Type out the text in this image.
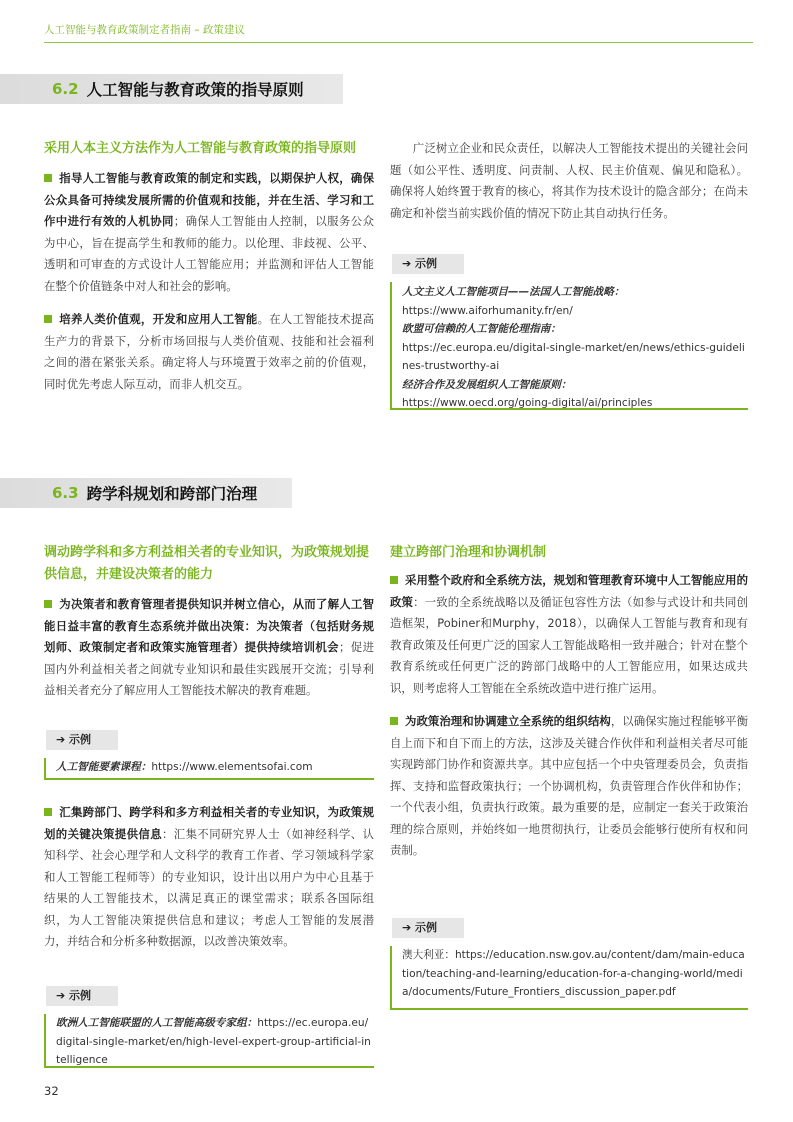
人工智能与教育政策制定者指南 – 政策建议
6.2 人工智能与教育政策的指导原则
采用人本主义方法作为人工智能与教育政策的指导原则

指导人工智能与教育政策的制定和实践，以期保护人权，确保公众具备可持续发展所需的价值观和技能，并在生活、学习和工作中进行有效的人机协同；确保人工智能由人控制，以服务公众为中心，旨在提高学生和教师的能力。以伦理、非歧视、公平、透明和可审查的方式设计人工智能应用；并监测和评估人工智能在整个价值链条中对人和社会的影响。

培养人类价值观，开发和应用人工智能。在人工智能技术提高生产力的背景下，分析市场回报与人类价值观、技能和社会福利之间的潜在紧张关系。确定将人与环境置于效率之前的价值观，同时优先考虑人际互动，而非人机交互。

广泛树立企业和民众责任，以解决人工智能技术提出的关键社会问题（如公平性、透明度、问责制、人权、民主价值观、偏见和隐私）。确保将人始终置于教育的核心，将其作为技术设计的隐含部分；在尚未确定和补偿当前实践价值的情况下防止其自动执行任务。

➔ 示例
人文主义人工智能项目——法国人工智能战略：
https://www.aiforhumanity.fr/en/
欧盟可信赖的人工智能伦理指南：
https://ec.europa.eu/digital-single-market/en/news/ethics-guidelines-trustworthy-ai
经济合作及发展组织人工智能原则：
https://www.oecd.org/going-digital/ai/principles
6.3 跨学科规划和跨部门治理
调动跨学科和多方利益相关者的专业知识，为政策规划提供信息，并建设决策者的能力

为决策者和教育管理者提供知识并树立信心，从而了解人工智能日益丰富的教育生态系统并做出决策：为决策者（包括财务规划师、政策制定者和政策实施管理者）提供持续培训机会；促进国内外利益相关者之间就专业知识和最佳实践展开交流；引导利益相关者充分了解应用人工智能技术解决的教育难题。

➔ 示例
人工智能要素课程：https://www.elementsofai.com

汇集跨部门、跨学科和多方利益相关者的专业知识，为政策规划的关键决策提供信息：汇集不同研究界人士（如神经科学、认知科学、社会心理学和人文科学的教育工作者、学习领域科学家和人工智能工程师等）的专业知识，设计出以用户为中心且基于结果的人工智能技术，以满足真正的课堂需求；联系各国际组织，为人工智能决策提供信息和建议；考虑人工智能的发展潜力，并结合和分析多种数据源，以改善决策效率。

➔ 示例
欧洲人工智能联盟的人工智能高级专家组：https://ec.europa.eu/digital-single-market/en/high-level-expert-group-artificial-intelligence
建立跨部门治理和协调机制

采用整个政府和全系统方法，规划和管理教育环境中人工智能应用的政策：一致的全系统战略以及循证包容性方法（如参与式设计和共同创造框架，Pobiner和Murphy，2018），以确保人工智能与教育和现有教育政策及任何更广泛的国家人工智能战略相一致并融合；针对在整个教育系统或任何更广泛的跨部门战略中的人工智能应用，如果达成共识，则考虑将人工智能在全系统改造中进行推广运用。

为政策治理和协调建立全系统的组织结构，以确保实施过程能够平衡自上而下和自下而上的方法，这涉及关键合作伙伴和利益相关者尽可能实现跨部门协作和资源共享。其中应包括一个中央管理委员会，负责指挥、支持和监督政策执行；一个协调机构，负责管理合作伙伴和协作；一个代表小组，负责执行政策。最为重要的是，应制定一套关于政策治理的综合原则，并始终如一地贯彻执行，让委员会能够行使所有权和问责制。

➔ 示例
澳大利亚：https://education.nsw.gov.au/content/dam/main-education/teaching-and-learning/education-for-a-changing-world/media/documents/Future_Frontiers_discussion_paper.pdf
32
